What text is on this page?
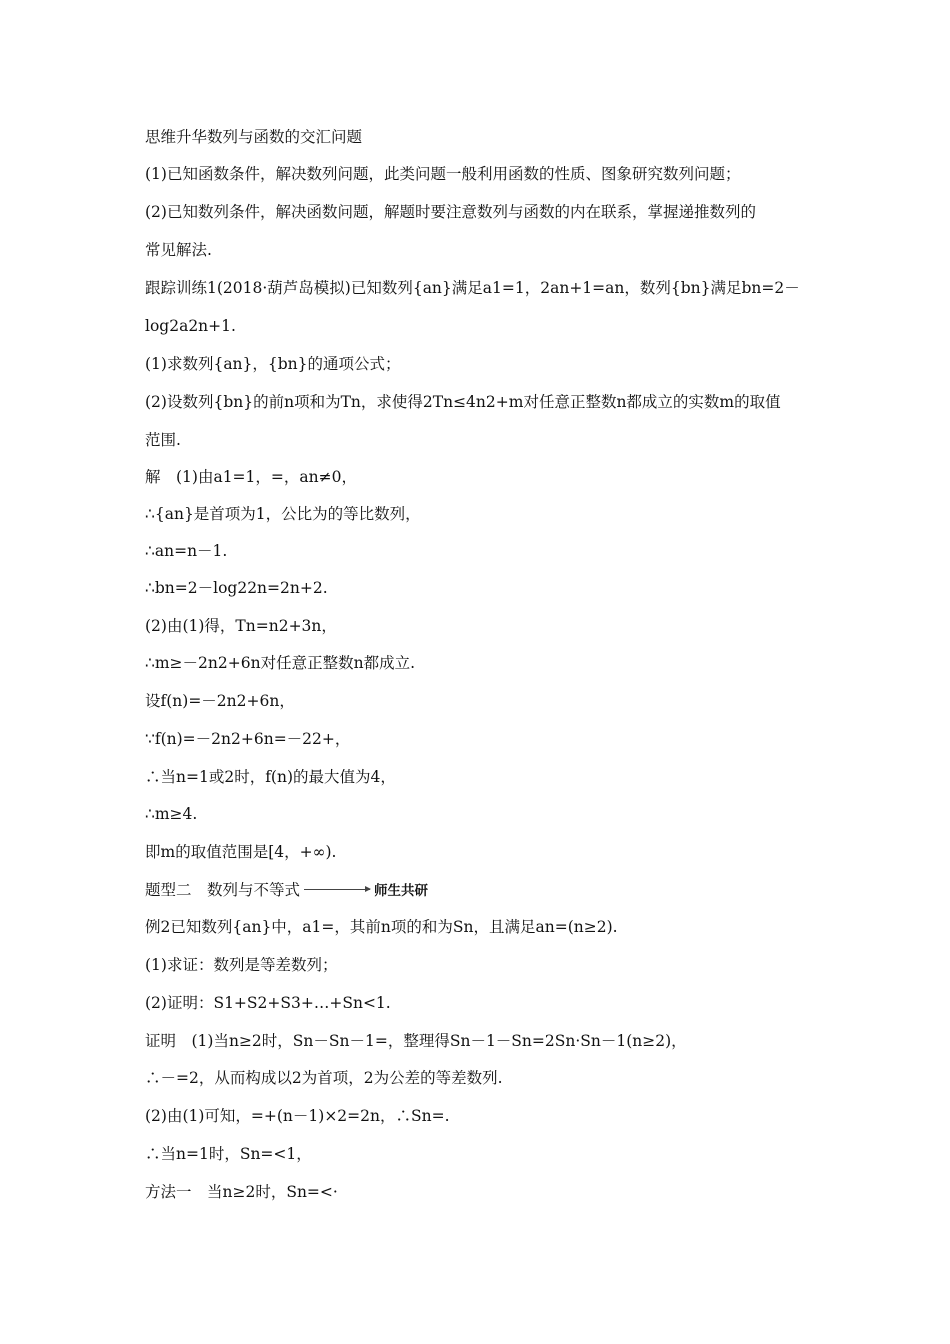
思维升华数列与函数的交汇问题
(1)已知函数条件，解决数列问题，此类问题一般利用函数的性质、图象研究数列问题；
(2)已知数列条件，解决函数问题，解题时要注意数列与函数的内在联系，掌握递推数列的
常见解法.
跟踪训练1(2018·葫芦岛模拟)已知数列{an}满足a1=1，2an+1=an，数列{bn}满足bn=2－
log2a2n+1.
(1)求数列{an}，{bn}的通项公式；
(2)设数列{bn}的前n项和为Tn，求使得2Tn≤4n2+m对任意正整数n都成立的实数m的取值
范围.
解　(1)由a1=1，=，an≠0，
∴{an}是首项为1，公比为的等比数列，
∴an=n－1.
∴bn=2－log22n=2n+2.
(2)由(1)得，Tn=n2+3n，
∴m≥－2n2+6n对任意正整数n都成立.
设f(n)=－2n2+6n，
∵f(n)=－2n2+6n=－22+，
∴当n=1或2时，f(n)的最大值为4，
∴m≥4.
即m的取值范围是[4，+∞).
题型二　数列与不等式	师生共研
例2已知数列{an}中，a1=，其前n项的和为Sn，且满足an=(n≥2).
(1)求证：数列是等差数列；
(2)证明：S1+S2+S3+…+Sn<1.
证明　(1)当n≥2时，Sn－Sn－1=，整理得Sn－1－Sn=2Sn·Sn－1(n≥2)，
∴－=2，从而构成以2为首项，2为公差的等差数列.
(2)由(1)可知，=+(n－1)×2=2n，∴Sn=.
∴当n=1时，Sn=<1，
方法一　当n≥2时，Sn=<·
